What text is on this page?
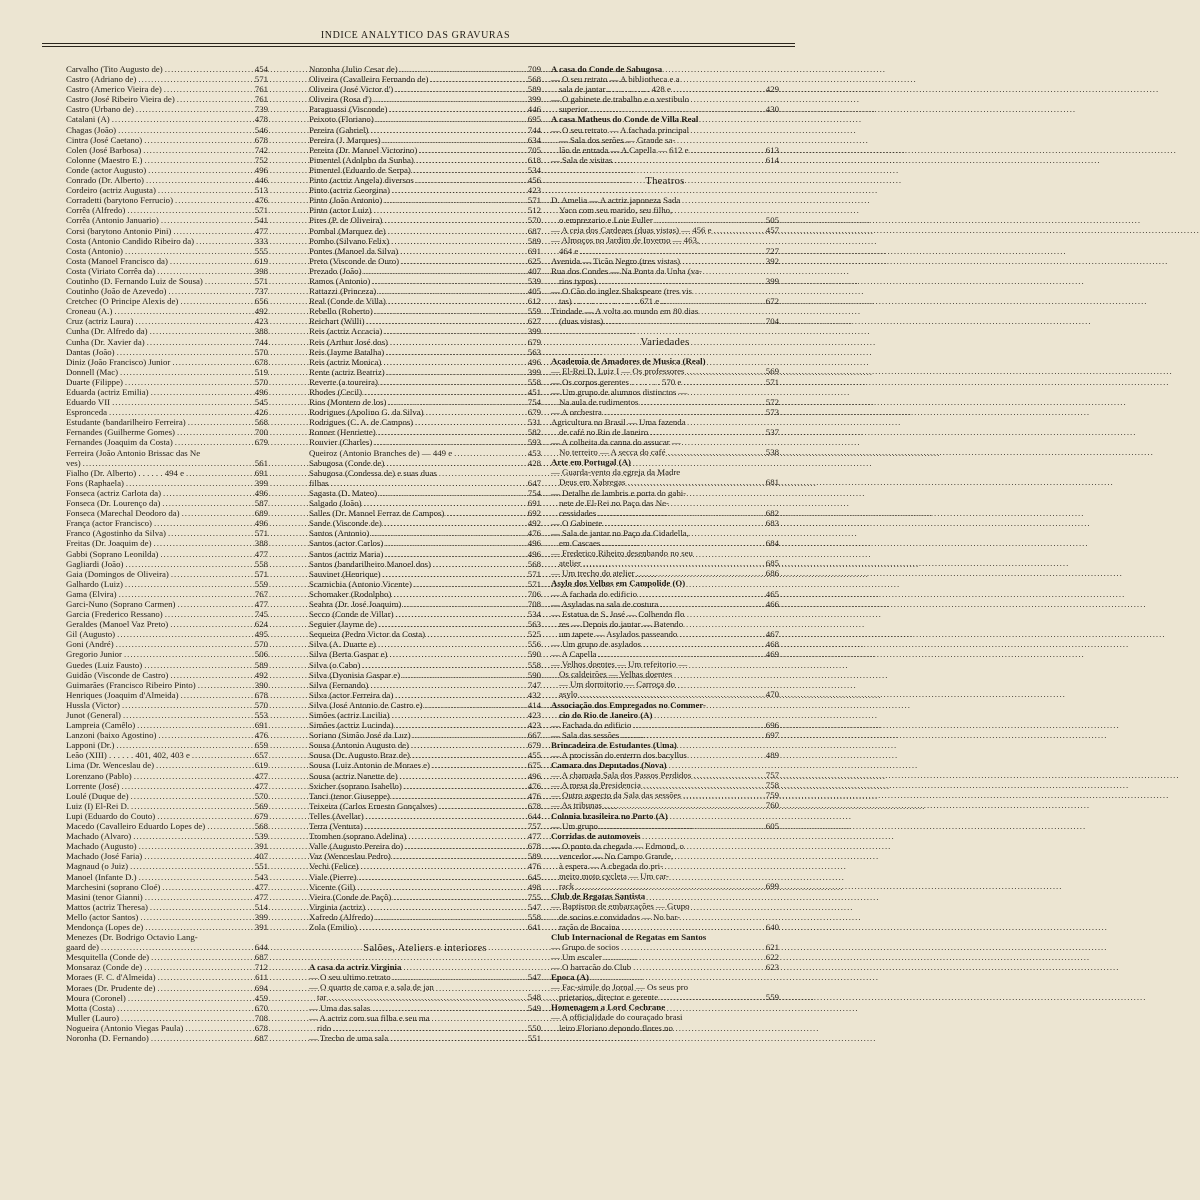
INDICE ANALYTICO DAS GRAVURAS
Carvalho (Tito Augusto de) .....	454
Castro (Adriano de) .....	571
Castro (Americo Vieira de) .....	761
Castro (José Ribeiro Vieira de) .....	761
Castro (Urbano de) .....	739
Catalani (A) .....	478
Chagas (João) .....	546
Cintra (José Caetano) .....	678
Colen (José Barbosa) .....	742
Colonne (Maestro E.) .....	752
Conde (actor Augusto) .....	496
Conrado (Dr. Alberto) .....	446
Cordeiro (actriz Augusta) .....	513
Corradetti (barytono Ferrucio) .....	476
Corrêa (Alfredo) .....	571
Corrêa (Antonio Januario) .....	541
Corsi (barytono Antonio Pini) .....	477
Costa (Antonio Candido Ribeiro da) .....	333
Costa (Antonio) .....	555
Costa (Manoel Francisco da) .....	619
Costa (Viriato Corrêa da) .....	398
Coutinho (D. Fernando Luiz de Sousa) .....	571
Coutinho (João de Azevedo) .....	737
Cretchec (O Principe Alexis de) .....	656
Croneau (A.) .....	492
Cruz (actriz Laura) .....	423
Cunha (Dr. Alfredo da) .....	388
Cunha (Dr. Xavier da) .....	744
Dantas (João) .....	570
Diniz (João Francisco) Junior .....	678
Donnell (Mac) .....	519
Duarte (Filippe) .....	570
Eduarda (actriz Emilia) .....	496
Eduardo VII .....	545
Espronceda .....	426
Estudante (bandarilheiro Ferreira) .....	568
Fernandes (Guilherme Gomes) .....	700
Fernandes (Joaquim da Costa) .....	679
Ferreira (João Antonio Brissac das Ne
ves) .....	561
Fialho (Dr. Alberto) . . . . . . 494 e .....	691
Fons (Raphaela) .....	399
Fonseca (actriz Carlota da) .....	496
Fonseca (Dr. Lourenço da) .....	587
Fonseca (Marechal Deodoro da) .....	689
França (actor Francisco) .....	496
Franco (Agostinho da Silva) .....	571
Freitas (Dr. Joaquim de) .....	388
Gabbi (Soprano Leonilda) .....	477
Gagliardi (João) .....	558
Gaia (Domingos de Oliveira) .....	571
Galhardo (Luiz) .....	559
Gama (Elvira) .....	767
Garci-Nuno (Soprano Carmen) .....	477
Garcia (Frederico Ressano) .....	745
Geraldes (Manoel Vaz Preto) .....	624
Gil (Augusto) .....	495
Goni (André) .....	570
Gregorio Junior .....	506
Guedes (Luiz Fausto) .....	589
Guidão (Visconde de Castro) .....	492
Guimarães (Francisco Ribeiro Pinto) .....	390
Henriques (Joaquim d'Almeida) .....	678
Hussla (Victor) .....	570
Junot (General) .....	553
Lampreia (Camêlo) .....	691
Lanzoni (baixo Agostino) .....	476
Lapponi (Dr.) .....	659
Leão (XIII) . . . . . . 401, 402, 403 e .....	657
Lima (Dr. Wenceslau de) .....	619
Lorenzano (Pablo) .....	477
Lorrente (José) .....	477
Loulé (Duque de) .....	570
Luiz (I) El-Rei D. .....	569
Lupi (Eduardo do Couto) .....	679
Macedo (Cavalleiro Eduardo Lopes de) .....	568
Machado (Alvaro) .....	539
Machado (Augusto) .....	391
Machado (José Faria) .....	407
Magnaud (o Juiz) .....	551
Manoel (Infante D.) .....	543
Marchesini (soprano Cloé) .....	477
Masini (tenor Gianni) .....	477
Mattos (actriz Theresa) .....	514
Mello (actor Santos) .....	399
Mendonça (Lopes de) .....	391
Menezes (Dr. Bodrigo Octavio Lang-
gaard de) .....	644
Mesquitella (Conde de) .....	687
Monsaraz (Conde de) .....	712
Moraes (F. C. d'Almeida) .....	611
Moraes (Dr. Prudente de) .....	694
Moura (Coronel) .....	459
Motta (Costa) .....	670
Muller (Lauro) .....	708
Nogueira (Antonio Viegas Paula) .....	678
Noronha (D. Fernando) .....	687
Noronha (Julio Cesar de) .....	709
Oliveira (Cavalleiro Fernando de) .....	568
Oliveira (José Victor d') .....	589
Oliveira (Rosa d') .....	399
Paraguassi (Visconde) .....	446
Peixoto (Floriano) .....	695
Pereira (Gabriel) .....	744
Pereira (J. Marques) .....	634
Pereira (Dr. Manoel Victorino) .....	705
Pimentel (Adolpho da Sunha) .....	618
Pimentel (Eduardo de Serpa) .....	534
Pinto (actriz Angela) diversos .....	456
Pinto (actriz Georgina) .....	423
Pinto (João Antonio) .....	571
Pinto (actor Luiz) .....	512
Pires (P. de Oliveira) .....	570
Pombal (Marquez de) .....	687
Pombo (Silvano Felix) .....	589
Pontes (Manoel da Silva) .....	691
Preto (Visconde de Ouro) .....	625
Prezado (João) .....	407
Ramos (Antonio) .....	539
Rattazzi (Princeza) .....	405
Real (Conde de Villa) .....	612
Rebello (Roberto) .....	559
Reichart (Willi) .....	627
Reis (actriz Accacia) .....	399
Reis (Arthur José dos) .....	679
Reis (Jayme Batalha) .....	563
Reis (actriz Monica) .....	496
Rente (actriz Beatriz) .....	399
Reverte (a toureira) .....	558
Rhodes (Cecil) .....	451
Rios (Montero de los) .....	754
Rodrigues (Apolino G. da Silva) .....	679
Rodrigues (C. A. de Campos) .....	531
Ronner (Henriette) .....	582
Rouvier (Charles) .....	593
Queiroz (Antonio Branches de) — 449 e .....	453
Sabugosa (Conde de) .....	428
Sabugosa (Condessa de) e suas duas
filhas .....	647
Sagasta (D. Mateo) .....	754
Salgado (João) .....	691
Salles (Dr. Manoel Ferraz de Campos) .....	692
Sande (Visconde de) .....	492
Santos (Antonio) .....	476
Santos (actor Carlos) .....	496
Santos (actriz Maria) .....	496
Santos (bandarilheiro Manoel dos) .....	568
Sauvinet (Henrique) .....	571
Scarnichia (Antonio Vicente) .....	571
Schomaker (Rodolpho) .....	706
Seabra (Dr. José Joaquim) .....	708
Secco (Conde de Villar) .....	534
Seguier (Jayme de) .....	563
Sequeira (Pedro Victor da Costa) .....	525
Silva (A. Duarte e) .....	556
Silva (Berta Gaspar e) .....	590
Silva (o Cabo) .....	558
Silva (Dyonisia Gaspar e) .....	590
Silva (Fernando) .....	747
Silva (actor Ferreira da) .....	432
Silva (José Antonio de Castro e) .....	414
Simões (actriz Lucilia) .....	423
Simões (actriz Lucinda) .....	423
Soriano (Simão José da Luz) .....	667
Sousa (Antonio Augusto de) .....	679
Sousa (Dr. Augusto Braz de) .....	455
Sousa (Luiz Antonio de Moraes e) .....	675
Sousa (actriz Nanette de) .....	496
Svicher (soprano Isabello) .....	476
Tanci (tenor Giuseppe) .....	476
Teixeira (Carlos Ernesto Gonçalves) .....	678
Telles (Avellar) .....	644
Terra (Ventura) .....	757
Tromben (soprano Adelina) .....	477
Valle (Augusto Pereira do) .....	678
Vaz (Wenceslau Pedro) .....	589
Vechi (Felice) .....	476
Viale (Pierre) .....	645
Vicente (Gil) .....	498
Vieira (Conde de Paçô) .....	755
Virginia (actriz) .....	547
Xafredo (Alfredo) .....	558
Zola (Emilio) .....	641
Salões, Ateliers e interiores
A casa da actriz Virginia
— O seu ultimo retrato .....	547
— O quarto de cama e a sala de jan
tar .....	548
— Uma das salas .....	549
— A actriz com sua filha e seu ma
rido .....	550
— Trecho de uma sala .....	551
A casa do Conde de Sabugosa
— O seu retrato — A bibliotheca e a
sala de jantar . . . . . . . . . . 428 e .....	429
— O gabinete de trabalho e o vestibulo
superior .....	430
A casa Matheus do Conde de Villa Real
— O seu retrato — A fachada principal
— Sala dos serões — Grande sa-
lão de entrada — A Capella — 612 e .....	613
— Sala de visitas .....	614
Theatros
D. Amelia — A actriz japoneza Sada
Yaco com seu marido, seu filho,
o emprezario e Loie Fuller .....	505
— A ceia dos Cardeaes (duas vistas) — 456 e .....	457
— Almoços no Jardim de Inverno — 463,
464 e .....	727
Avenida — Ticão Negro (tres vistas) .....	392
Rua dos Condes — Na Ponta da Unha (va-
rios typos) .....	399
— O Cão do inglez Shakspeare (tres vis
tas) . . . . . . . . . . . . . . . 671 e .....	672
Trindade — A volta ao mundo em 80 dias
(duas vistas) .....	704
Variedades
Academia de Amadores de Musica (Real)
— El-Rei D. Luiz I — Os professores .....	569
— Os corpos gerentes . . . . . . . 570 e .....	571
— Um grupo de alumnos distinctos —
Na aula de rudimentos .....	572
— A orchestra .....	573
Agricultura no Brasil — Uma fazenda
de café no Rio de Janeiro .....	537
— A colheita da canna do assucar —
No terreiro — A secca do café .....	538
Arte em Portugal (A)
— Guarda-vento da egreja da Madre
Deus em Xabregas .....	681
— Detalhe de lambris e porta do gabi-
nete de El-Rei no Paço das Ne-
cessidades .....	682
— O Gabinete .....	683
— Sala de jantar no Paço da Cidadella,
em Cascaes .....	684
— Frederico Ribeiro desenhando no seu
atelier .....	685
— Um trecho do atelier .....	686
Asylo dos Velhos em Campolide (O)
— A fachada do edificio .....	465
— Asyladas na sala de costura .....	466
— Estatua de S. José — Colhendo flo
res — Depois do jantar — Batendo
um tapete — Asylados passeando .....	467
— Um grupo de asylados .....	468
— A Capella .....	469
— Velhos doentes — Um refeitorio —
Os caldeirões — Velhas doentes
— Um dormitorio — Carroça do
asylo .....	470
Associação dos Empregados no Commer-
cio do Rio de Janeiro (A)
— Fachada do edificio .....	696
— Sala das sessões .....	697
Brincadeira de Estudantes (Uma)
— A procissão do enterro dos bacyllus	489
Camara dos Deputados (Nova)
— A chamada Sala dos Passos Perdidos .....	757
— A mesa da Presidencia .....	758
— Outro aspecto da Sala das sessões .....	759
— As tribunas .....	760
Colonia brasileira no Porto (A)
— Um grupo .....	605
Corridas de automoveis
— O ponto da chegada — Edmond, o
vencedor — No Campo Grande,
à espera — A chegada do pri-
meiro moto cycleta — Um car-
rack .....	699
Club de Regatas Santista
— Baptismo de embarcações — Grupo
de socios e convidados — No bar-
ração de Bocaina .....	640
Club Internacional de Regatas em Santos
— Grupo de socios .....	621
— Um escaler .....	622
— O barracão do Club .....	623
Epoca (A)
— Fac-simile do Jornal — Os seus pro
prietarios, director e gerente .....	559
Homenagem a Lord Cochrane
— A officialidade do couraçado brasi
leiro Floriano depondo flores no
